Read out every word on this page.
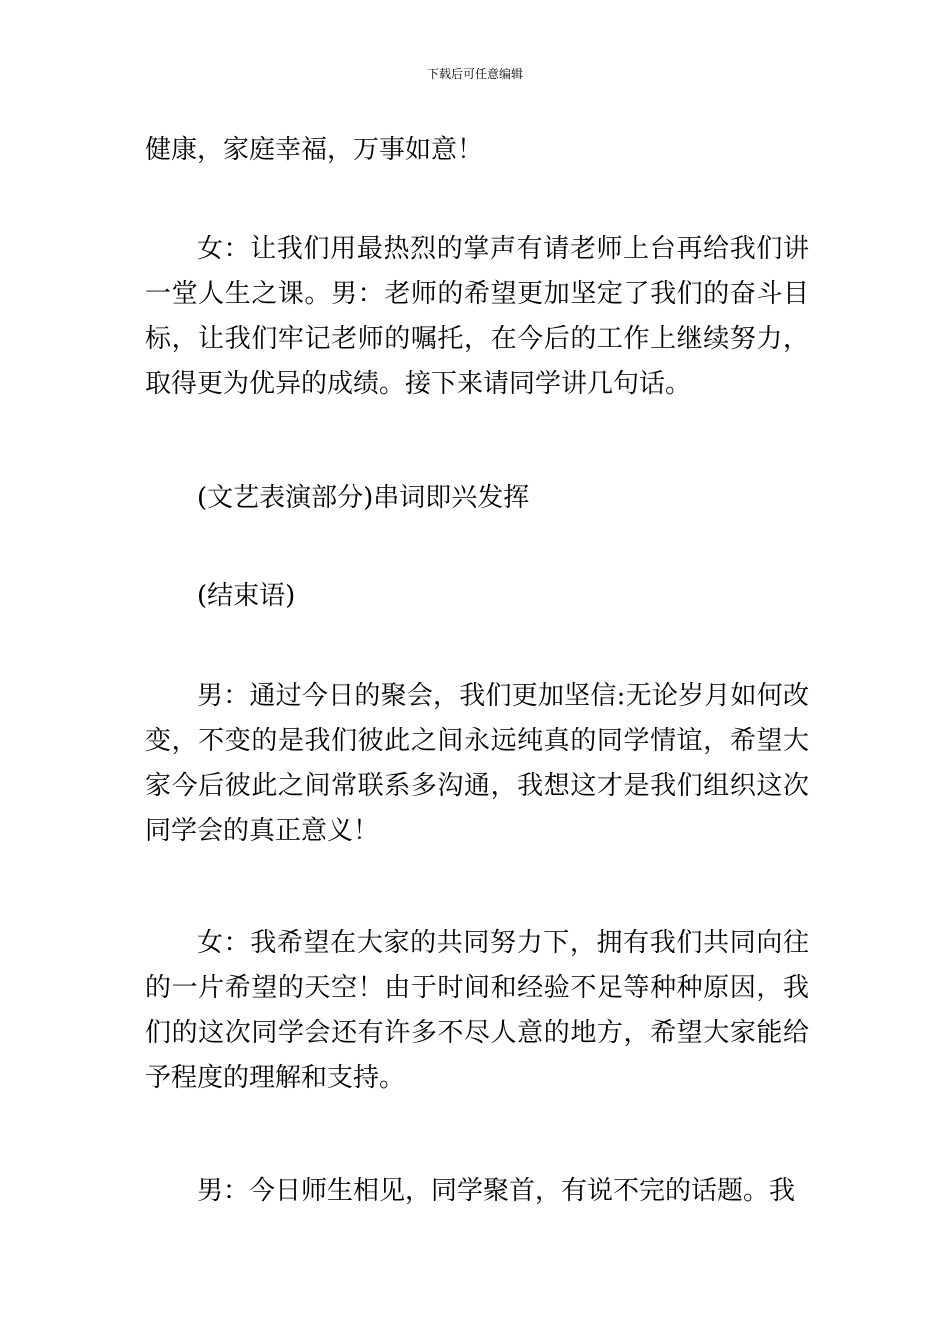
下载后可任意编辑

健康，家庭幸福，万事如意！

女：让我们用最热烈的掌声有请老师上台再给我们讲一堂人生之课。男：老师的希望更加坚定了我们的奋斗目标，让我们牢记老师的嘱托，在今后的工作上继续努力，取得更为优异的成绩。接下来请同学讲几句话。

(文艺表演部分)串词即兴发挥

(结束语)

男：通过今日的聚会，我们更加坚信:无论岁月如何改变，不变的是我们彼此之间永远纯真的同学情谊，希望大家今后彼此之间常联系多沟通，我想这才是我们组织这次同学会的真正意义！

女：我希望在大家的共同努力下，拥有我们共同向往的一片希望的天空！由于时间和经验不足等种种原因，我们的这次同学会还有许多不尽人意的地方，希望大家能给予程度的理解和支持。

男：今日师生相见，同学聚首，有说不完的话题。我
